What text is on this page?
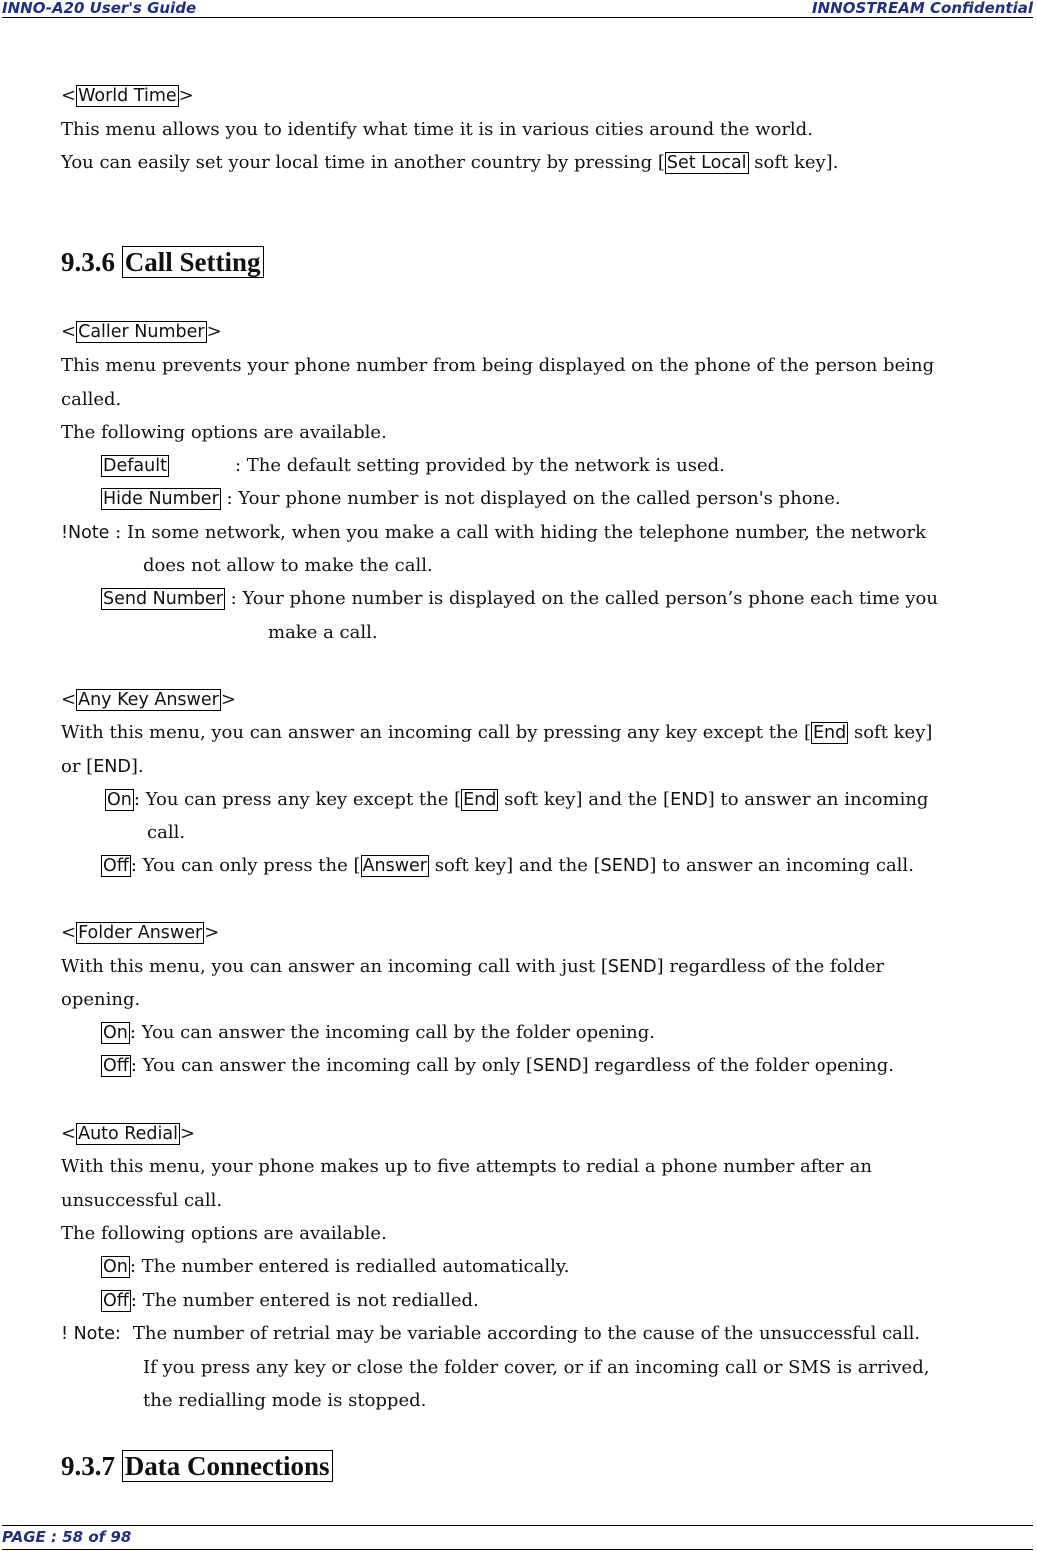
INNO-A20 User's Guide	INNOSTREAM Confidential
< World Time >
This menu allows you to identify what time it is in various cities around the world.
You can easily set your local time in another country by pressing [ Set Local soft key].
9.3.6 Call Setting
< Caller Number >
This menu prevents your phone number from being displayed on the phone of the person being
called.
The following options are available.
Default	: The default setting provided by the network is used.
Hide Number : Your phone number is not displayed on the called person's phone.
!Note : In some network, when you make a call with hiding the telephone number, the network
does not allow to make the call.
Send Number : Your phone number is displayed on the called person’s phone each time you
make a call.
< Any Key Answer >
With this menu, you can answer an incoming call by pressing any key except the [ End soft key]
or [END].
On : You can press any key except the [ End soft key] and the [END] to answer an incoming
call.
Off : You can only press the [ Answer soft key] and the [SEND] to answer an incoming call.
< Folder Answer >
With this menu, you can answer an incoming call with just [SEND] regardless of the folder
opening.
On : You can answer the incoming call by the folder opening.
Off : You can answer the incoming call by only [SEND] regardless of the folder opening.
< Auto Redial >
With this menu, your phone makes up to five attempts to redial a phone number after an
unsuccessful call.
The following options are available.
On : The number entered is redialled automatically.
Off : The number entered is not redialled.
! Note: The number of retrial may be variable according to the cause of the unsuccessful call.
If you press any key or close the folder cover, or if an incoming call or SMS is arrived,
the redialling mode is stopped.
9.3.7 Data Connections
PAGE : 58 of 98
